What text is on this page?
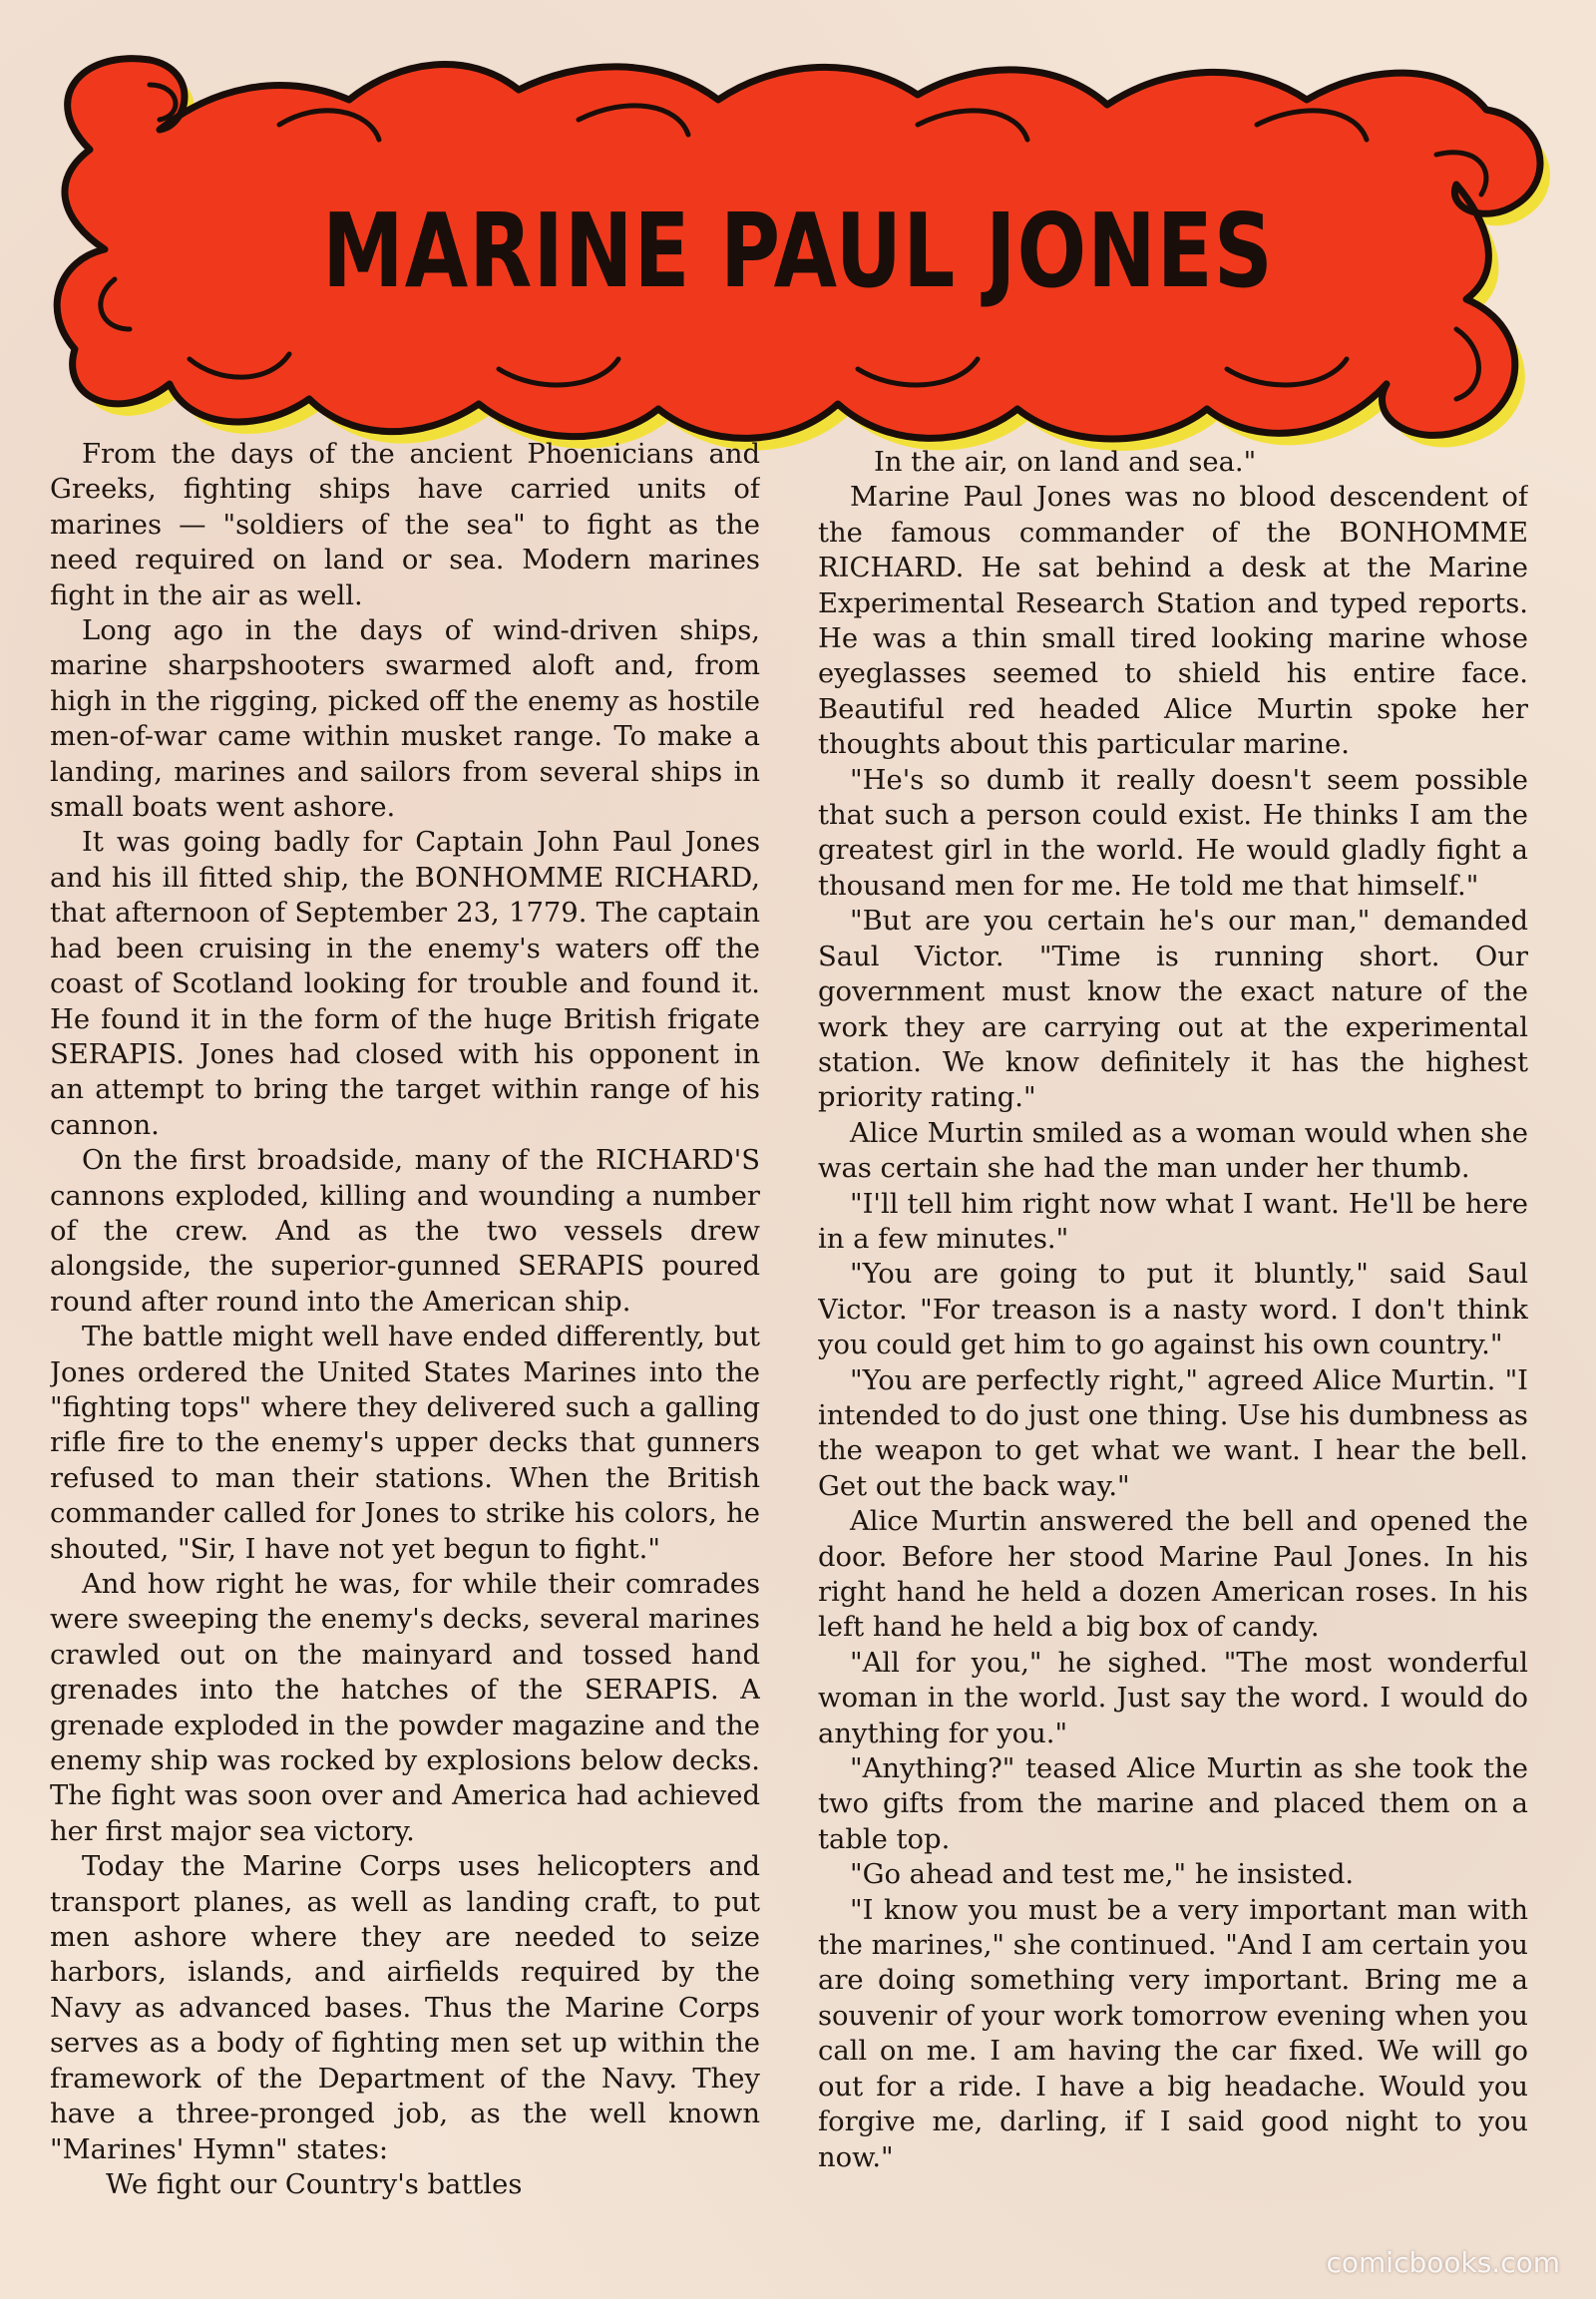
MARINE PAUL JONES

From the days of the ancient Phoenicians and Greeks, fighting ships have carried units of marines — "soldiers of the sea" to fight as the need required on land or sea. Modern marines fight in the air as well.

Long ago in the days of wind-driven ships, marine sharpshooters swarmed aloft and, from high in the rigging, picked off the enemy as hostile men-of-war came within musket range. To make a landing, marines and sailors from several ships in small boats went ashore.

It was going badly for Captain John Paul Jones and his ill fitted ship, the BONHOMME RICHARD, that afternoon of September 23, 1779. The captain had been cruising in the enemy's waters off the coast of Scotland looking for trouble and found it. He found it in the form of the huge British frigate SERAPIS. Jones had closed with his opponent in an attempt to bring the target within range of his cannon.

On the first broadside, many of the RICHARD'S cannons exploded, killing and wounding a number of the crew. And as the two vessels drew alongside, the superior-gunned SERAPIS poured round after round into the American ship.

The battle might well have ended differently, but Jones ordered the United States Marines into the "fighting tops" where they delivered such a galling rifle fire to the enemy's upper decks that gunners refused to man their stations. When the British commander called for Jones to strike his colors, he shouted, "Sir, I have not yet begun to fight."

And how right he was, for while their comrades were sweeping the enemy's decks, several marines crawled out on the mainyard and tossed hand grenades into the hatches of the SERAPIS. A grenade exploded in the powder magazine and the enemy ship was rocked by explosions below decks. The fight was soon over and America had achieved her first major sea victory.

Today the Marine Corps uses helicopters and transport planes, as well as landing craft, to put men ashore where they are needed to seize harbors, islands, and airfields required by the Navy as advanced bases. Thus the Marine Corps serves as a body of fighting men set up within the framework of the Department of the Navy. They have a three-pronged job, as the well known "Marines' Hymn" states:

We fight our Country's battles

In the air, on land and sea."

Marine Paul Jones was no blood descendent of the famous commander of the BONHOMME RICHARD. He sat behind a desk at the Marine Experimental Research Station and typed reports. He was a thin small tired looking marine whose eyeglasses seemed to shield his entire face. Beautiful red headed Alice Murtin spoke her thoughts about this particular marine.

"He's so dumb it really doesn't seem possible that such a person could exist. He thinks I am the greatest girl in the world. He would gladly fight a thousand men for me. He told me that himself."

"But are you certain he's our man," demanded Saul Victor. "Time is running short. Our government must know the exact nature of the work they are carrying out at the experimental station. We know definitely it has the highest priority rating."

Alice Murtin smiled as a woman would when she was certain she had the man under her thumb.

"I'll tell him right now what I want. He'll be here in a few minutes."

"You are going to put it bluntly," said Saul Victor. "For treason is a nasty word. I don't think you could get him to go against his own country."

"You are perfectly right," agreed Alice Murtin. "I intended to do just one thing. Use his dumbness as the weapon to get what we want. I hear the bell. Get out the back way."

Alice Murtin answered the bell and opened the door. Before her stood Marine Paul Jones. In his right hand he held a dozen American roses. In his left hand he held a big box of candy.

"All for you," he sighed. "The most wonderful woman in the world. Just say the word. I would do anything for you."

"Anything?" teased Alice Murtin as she took the two gifts from the marine and placed them on a table top.

"Go ahead and test me," he insisted.

"I know you must be a very important man with the marines," she continued. "And I am certain you are doing something very important. Bring me a souvenir of your work tomorrow evening when you call on me. I am having the car fixed. We will go out for a ride. I have a big headache. Would you forgive me, darling, if I said good night to you now."

comicbooks.com
